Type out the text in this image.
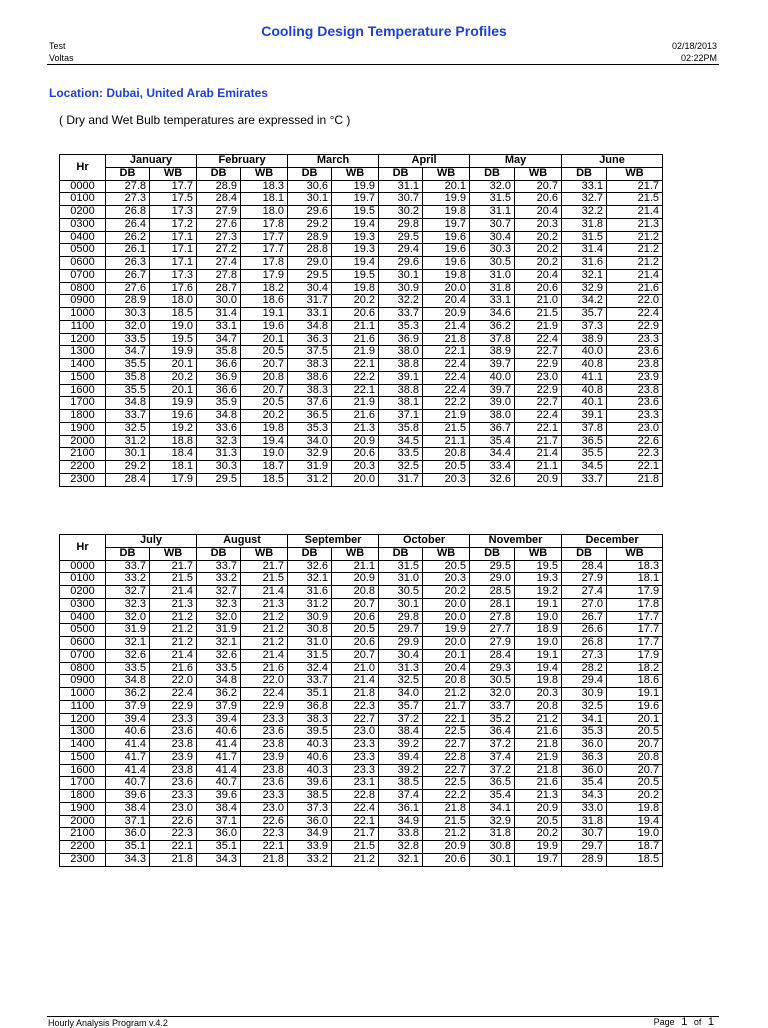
Cooling Design Temperature Profiles
Test
Voltas
02/18/2013
02:22PM
Location: Dubai, United Arab Emirates
( Dry and Wet Bulb temperatures are expressed in °C )
Hr	January		February		March		April		May		June	
	DB	WB	DB	WB	DB	WB	DB	WB	DB	WB	DB	WB
0000	27.8	17.7	28.9	18.3	30.6	19.9	31.1	20.1	32.0	20.7	33.1	21.7
0100	27.3	17.5	28.4	18.1	30.1	19.7	30.7	19.9	31.5	20.6	32.7	21.5
0200	26.8	17.3	27.9	18.0	29.6	19.5	30.2	19.8	31.1	20.4	32.2	21.4
0300	26.4	17.2	27.6	17.8	29.2	19.4	29.8	19.7	30.7	20.3	31.8	21.3
0400	26.2	17.1	27.3	17.7	28.9	19.3	29.5	19.6	30.4	20.2	31.5	21.2
0500	26.1	17.1	27.2	17.7	28.8	19.3	29.4	19.6	30.3	20.2	31.4	21.2
0600	26.3	17.1	27.4	17.8	29.0	19.4	29.6	19.6	30.5	20.2	31.6	21.2
0700	26.7	17.3	27.8	17.9	29.5	19.5	30.1	19.8	31.0	20.4	32.1	21.4
0800	27.6	17.6	28.7	18.2	30.4	19.8	30.9	20.0	31.8	20.6	32.9	21.6
0900	28.9	18.0	30.0	18.6	31.7	20.2	32.2	20.4	33.1	21.0	34.2	22.0
1000	30.3	18.5	31.4	19.1	33.1	20.6	33.7	20.9	34.6	21.5	35.7	22.4
1100	32.0	19.0	33.1	19.6	34.8	21.1	35.3	21.4	36.2	21.9	37.3	22.9
1200	33.5	19.5	34.7	20.1	36.3	21.6	36.9	21.8	37.8	22.4	38.9	23.3
1300	34.7	19.9	35.8	20.5	37.5	21.9	38.0	22.1	38.9	22.7	40.0	23.6
1400	35.5	20.1	36.6	20.7	38.3	22.1	38.8	22.4	39.7	22.9	40.8	23.8
1500	35.8	20.2	36.9	20.8	38.6	22.2	39.1	22.4	40.0	23.0	41.1	23.9
1600	35.5	20.1	36.6	20.7	38.3	22.1	38.8	22.4	39.7	22.9	40.8	23.8
1700	34.8	19.9	35.9	20.5	37.6	21.9	38.1	22.2	39.0	22.7	40.1	23.6
1800	33.7	19.6	34.8	20.2	36.5	21.6	37.1	21.9	38.0	22.4	39.1	23.3
1900	32.5	19.2	33.6	19.8	35.3	21.3	35.8	21.5	36.7	22.1	37.8	23.0
2000	31.2	18.8	32.3	19.4	34.0	20.9	34.5	21.1	35.4	21.7	36.5	22.6
2100	30.1	18.4	31.3	19.0	32.9	20.6	33.5	20.8	34.4	21.4	35.5	22.3
2200	29.2	18.1	30.3	18.7	31.9	20.3	32.5	20.5	33.4	21.1	34.5	22.1
2300	28.4	17.9	29.5	18.5	31.2	20.0	31.7	20.3	32.6	20.9	33.7	21.8
Hr	July		August		September		October		November		December	
	DB	WB	DB	WB	DB	WB	DB	WB	DB	WB	DB	WB
0000	33.7	21.7	33.7	21.7	32.6	21.1	31.5	20.5	29.5	19.5	28.4	18.3
0100	33.2	21.5	33.2	21.5	32.1	20.9	31.0	20.3	29.0	19.3	27.9	18.1
0200	32.7	21.4	32.7	21.4	31.6	20.8	30.5	20.2	28.5	19.2	27.4	17.9
0300	32.3	21.3	32.3	21.3	31.2	20.7	30.1	20.0	28.1	19.1	27.0	17.8
0400	32.0	21.2	32.0	21.2	30.9	20.6	29.8	20.0	27.8	19.0	26.7	17.7
0500	31.9	21.2	31.9	21.2	30.8	20.5	29.7	19.9	27.7	18.9	26.6	17.7
0600	32.1	21.2	32.1	21.2	31.0	20.6	29.9	20.0	27.9	19.0	26.8	17.7
0700	32.6	21.4	32.6	21.4	31.5	20.7	30.4	20.1	28.4	19.1	27.3	17.9
0800	33.5	21.6	33.5	21.6	32.4	21.0	31.3	20.4	29.3	19.4	28.2	18.2
0900	34.8	22.0	34.8	22.0	33.7	21.4	32.5	20.8	30.5	19.8	29.4	18.6
1000	36.2	22.4	36.2	22.4	35.1	21.8	34.0	21.2	32.0	20.3	30.9	19.1
1100	37.9	22.9	37.9	22.9	36.8	22.3	35.7	21.7	33.7	20.8	32.5	19.6
1200	39.4	23.3	39.4	23.3	38.3	22.7	37.2	22.1	35.2	21.2	34.1	20.1
1300	40.6	23.6	40.6	23.6	39.5	23.0	38.4	22.5	36.4	21.6	35.3	20.5
1400	41.4	23.8	41.4	23.8	40.3	23.3	39.2	22.7	37.2	21.8	36.0	20.7
1500	41.7	23.9	41.7	23.9	40.6	23.3	39.4	22.8	37.4	21.9	36.3	20.8
1600	41.4	23.8	41.4	23.8	40.3	23.3	39.2	22.7	37.2	21.8	36.0	20.7
1700	40.7	23.6	40.7	23.6	39.6	23.1	38.5	22.5	36.5	21.6	35.4	20.5
1800	39.6	23.3	39.6	23.3	38.5	22.8	37.4	22.2	35.4	21.3	34.3	20.2
1900	38.4	23.0	38.4	23.0	37.3	22.4	36.1	21.8	34.1	20.9	33.0	19.8
2000	37.1	22.6	37.1	22.6	36.0	22.1	34.9	21.5	32.9	20.5	31.8	19.4
2100	36.0	22.3	36.0	22.3	34.9	21.7	33.8	21.2	31.8	20.2	30.7	19.0
2200	35.1	22.1	35.1	22.1	33.9	21.5	32.8	20.9	30.8	19.9	29.7	18.7
2300	34.3	21.8	34.3	21.8	33.2	21.2	32.1	20.6	30.1	19.7	28.9	18.5
Hourly Analysis Program v.4.2	Page 1 of 1
